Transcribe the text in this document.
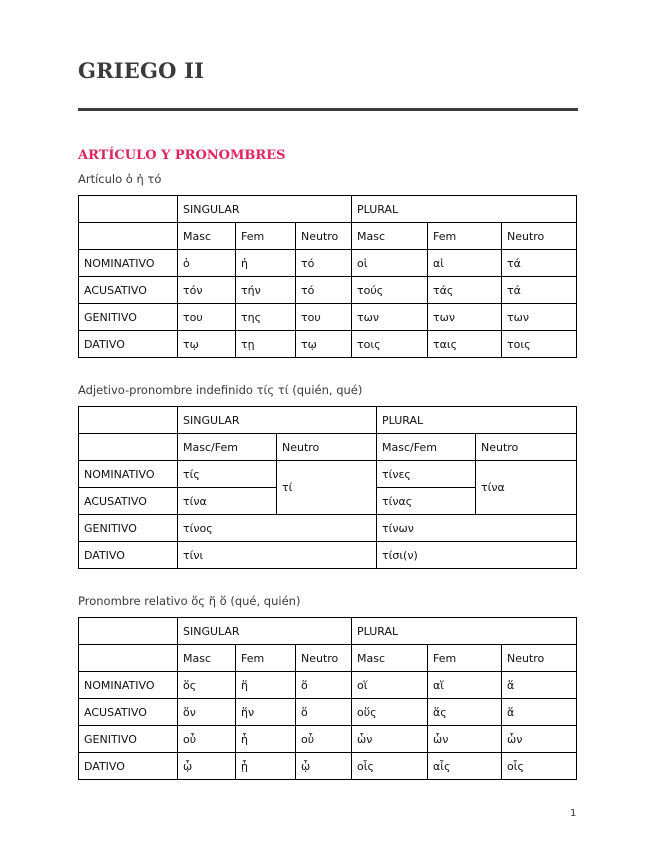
GRIEGO II
ARTÍCULO Y PRONOMBRES
Artículo ὁ ἡ τό
	SINGULAR			PLURAL		
	Masc	Fem	Neutro	Masc	Fem	Neutro
NOMINATIVO	ὁ	ἡ	τό	οἱ	αἱ	τά
ACUSATIVO	τόν	τήν	τό	τούς	τάς	τά
GENITIVO	του	της	του	των	των	των
DATIVO	τῳ	τῃ	τῳ	τοις	ταις	τοις
Adjetivo-pronombre indefinido τίς τί (quién, qué)
	SINGULAR		PLURAL	
	Masc/Fem	Neutro	Masc/Fem	Neutro
NOMINATIVO	τίς	τί	τίνες	τίνα
ACUSATIVO	τίνα		τίνας	
GENITIVO	τίνος		τίνων	
DATIVO	τίνι		τίσι(ν)	
Pronombre relativo ὅς ἥ ὅ (qué, quién)
	SINGULAR			PLURAL		
	Masc	Fem	Neutro	Masc	Fem	Neutro
NOMINATIVO	ὅς	ἥ	ὅ	οἵ	αἵ	ἅ
ACUSATIVO	ὅν	ἥν	ὅ	οὕς	ἅς	ἅ
GENITIVO	οὗ	ἧ	οὗ	ὧν	ὧν	ὧν
DATIVO	ᾧ	ᾗ	ᾧ	οἷς	αἷς	οἷς
1
